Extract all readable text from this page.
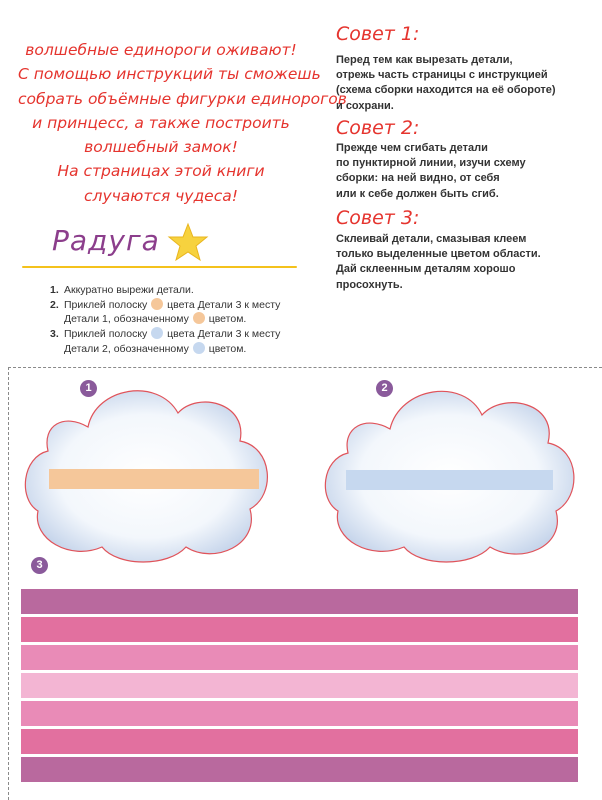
волшебные единороги оживают!
С помощью инструкций ты сможешь
собрать объёмные фигурки единорогов
и принцесс, а также построить
волшебный замок!
На страницах этой книги
случаются чудеса!
Совет 1:
Перед тем как вырезать детали,
отрежь часть страницы с инструкцией
(схема сборки находится на её обороте)
и сохрани.
Совет 2:
Прежде чем сгибать детали
по пунктирной линии, изучи схему
сборки: на ней видно, от себя
или к себе должен быть сгиб.
Совет 3:
Склеивай детали, смазывая клеем
только выделенные цветом области.
Дай склеенным деталям хорошо
просохнуть.
Радуга
1. Аккуратно вырежи детали.
2. Приклей полоску цвета Детали 3 к месту
Детали 1, обозначенному цветом.
3. Приклей полоску цвета Детали 3 к месту
Детали 2, обозначенному цветом.
1	2
3
